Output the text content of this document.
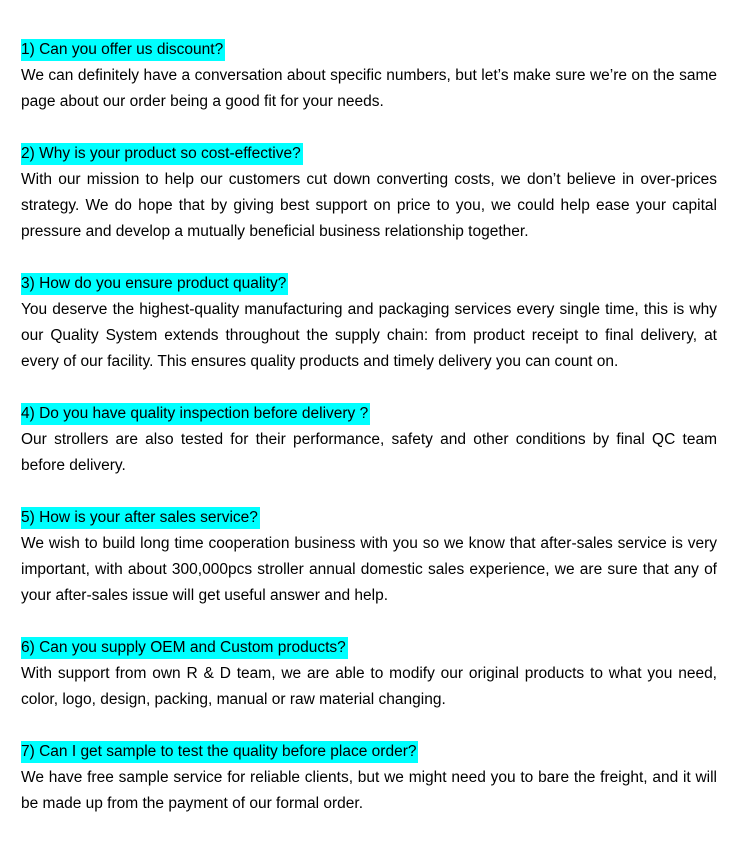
1) Can you offer us discount?

We can definitely have a conversation about specific numbers, but let’s make sure we’re on the same page about our order being a good fit for your needs.

2) Why is your product so cost-effective?

With our mission to help our customers cut down converting costs, we don’t believe in over-prices strategy. We do hope that by giving best support on price to you, we could help ease your capital pressure and develop a mutually beneficial business relationship together.

3) How do you ensure product quality?

You deserve the highest-quality manufacturing and packaging services every single time, this is why our Quality System extends throughout the supply chain: from product receipt to final delivery, at every of our facility. This ensures quality products and timely delivery you can count on.

4) Do you have quality inspection before delivery ?

Our strollers are also tested for their performance, safety and other conditions by final QC team before delivery.

5) How is your after sales service?

We wish to build long time cooperation business with you so we know that after-sales service is very important, with about 300,000pcs stroller annual domestic sales experience, we are sure that any of your after-sales issue will get useful answer and help.

6) Can you supply OEM and Custom products?

With support from own R & D team, we are able to modify our original products to what you need, color, logo, design, packing, manual or raw material changing.

7) Can I get sample to test the quality before place order?

We have free sample service for reliable clients, but we might need you to bare the freight, and it will be made up from the payment of our formal order.
